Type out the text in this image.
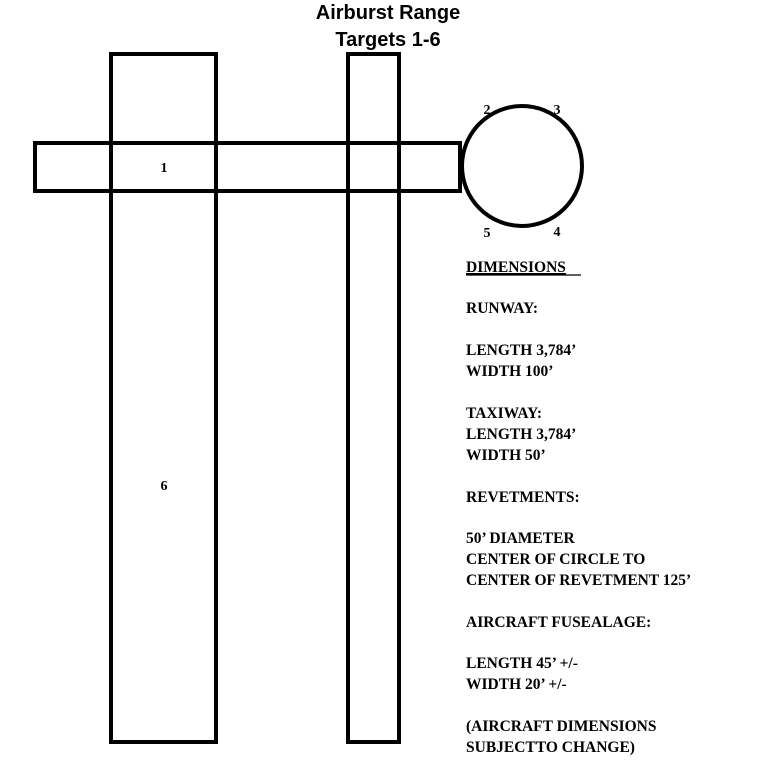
Airburst Range
Targets 1-6
1
2	3
4
5
6
DIMENSIONS
RUNWAY:
LENGTH 3,784’
WIDTH 100’
TAXIWAY:
LENGTH 3,784’
WIDTH 50’
REVETMENTS:
50’ DIAMETER
CENTER OF CIRCLE TO
CENTER OF REVETMENT 125’
AIRCRAFT FUSEALAGE:
LENGTH 45’ +/-
WIDTH 20’ +/-
(AIRCRAFT DIMENSIONS
SUBJECTTO CHANGE)
